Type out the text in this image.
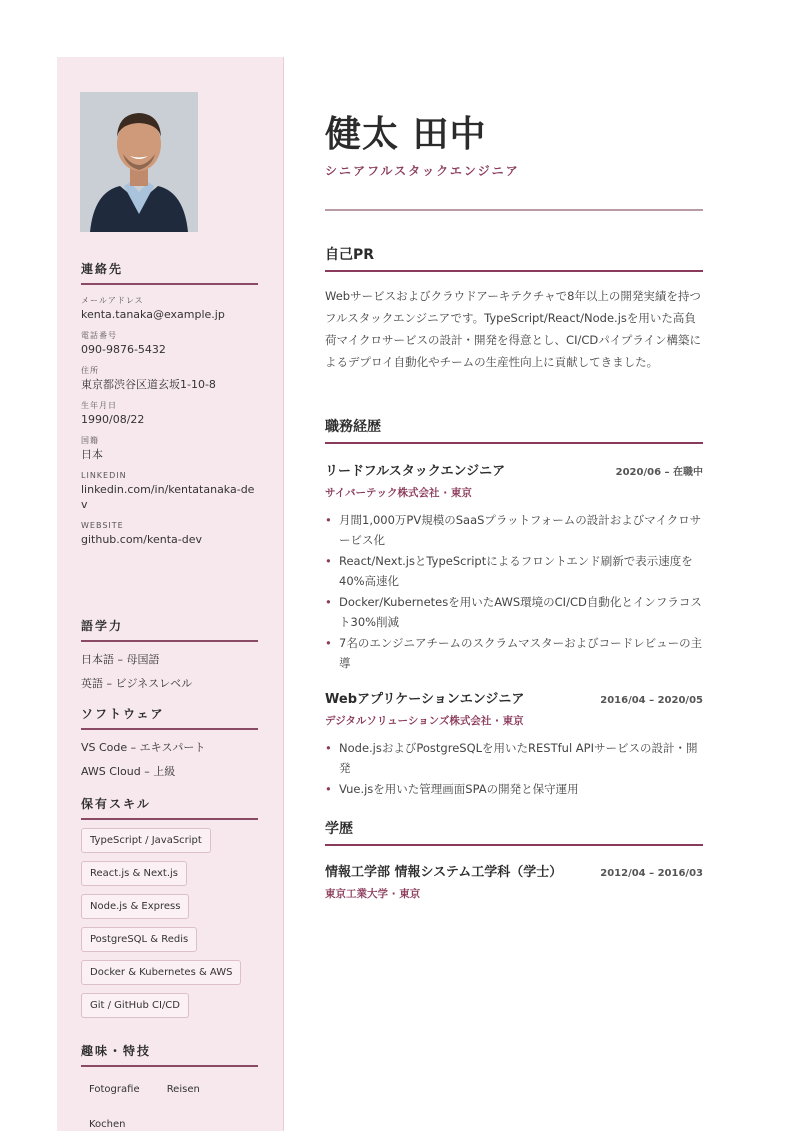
連絡先
メールアドレス
kenta.tanaka@example.jp
電話番号
090-9876-5432
住所
東京都渋谷区道玄坂1-10-8
生年月日
1990/08/22
国籍
日本
LINKEDIN
linkedin.com/in/kentatanaka-dev
WEBSITE
github.com/kenta-dev
語学力
日本語 – 母国語
英語 – ビジネスレベル
ソフトウェア
VS Code – エキスパート
AWS Cloud – 上級
保有スキル
TypeScript / JavaScript
React.js & Next.js
Node.js & Express
PostgreSQL & Redis
Docker & Kubernetes & AWS
Git / GitHub CI/CD
趣味・特技
Fotografie	Reisen
Kochen
健太 田中
シニアフルスタックエンジニア
自己PR
Webサービスおよびクラウドアーキテクチャで8年以上の開発実績を持つフルスタックエンジニアです。TypeScript/React/Node.jsを用いた高負荷マイクロサービスの設計・開発を得意とし、CI/CDパイプライン構築によるデプロイ自動化やチームの生産性向上に貢献してきました。
職務経歴
リードフルスタックエンジニア	2020/06 – 在職中
サイバーテック株式会社 · 東京
• 月間1,000万PV規模のSaaSプラットフォームの設計およびマイクロサービス化
• React/Next.jsとTypeScriptによるフロントエンド刷新で表示速度を40%高速化
• Docker/Kubernetesを用いたAWS環境のCI/CD自動化とインフラコスト30%削減
• 7名のエンジニアチームのスクラムマスターおよびコードレビューの主導
Webアプリケーションエンジニア	2016/04 – 2020/05
デジタルソリューションズ株式会社 · 東京
• Node.jsおよびPostgreSQLを用いたRESTful APIサービスの設計・開発
• Vue.jsを用いた管理画面SPAの開発と保守運用
学歴
情報工学部 情報システム工学科（学士）	2012/04 – 2016/03
東京工業大学 · 東京
